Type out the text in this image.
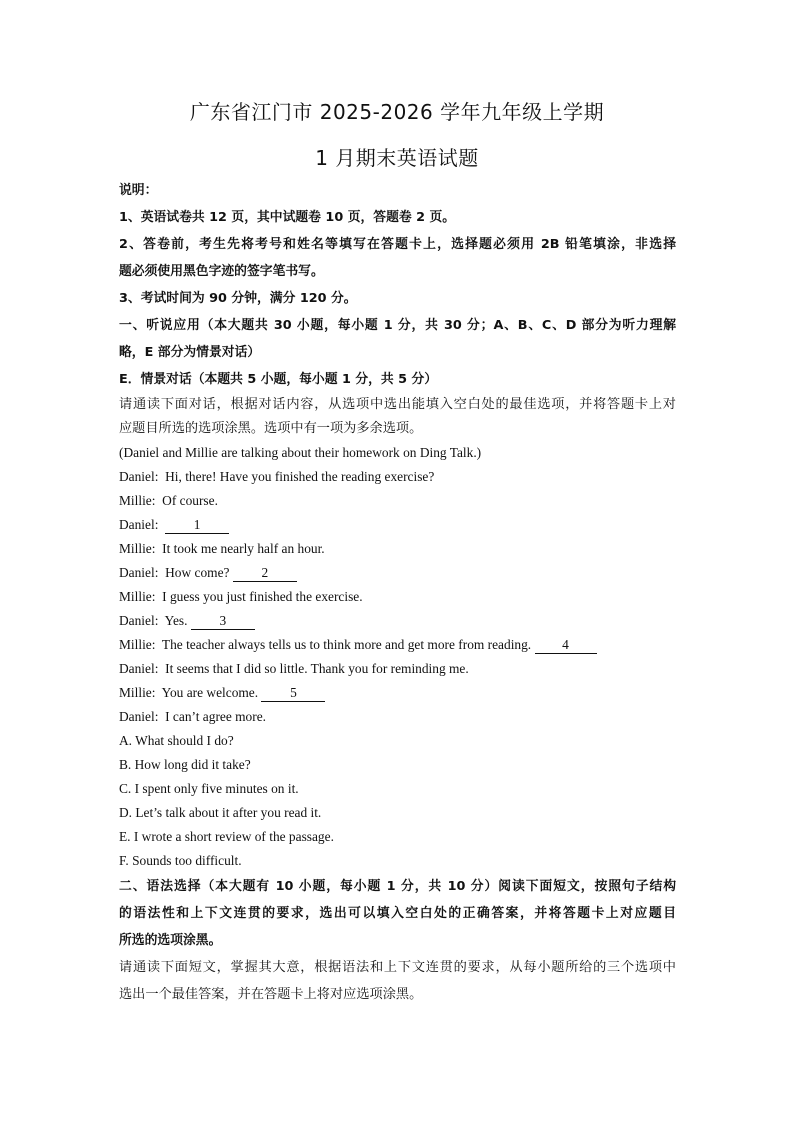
广东省江门市 2025-2026 学年九年级上学期
1 月期末英语试题
说明：
1、英语试卷共 12 页，其中试题卷 10 页，答题卷 2 页。
2、答卷前，考生先将考号和姓名等填写在答题卡上，选择题必须用 2B 铅笔填涂，非选择
题必须使用黑色字迹的签字笔书写。
3、考试时间为 90 分钟，满分 120 分。
一、听说应用（本大题共 30 小题，每小题 1 分，共 30 分；A、B、C、D 部分为听力理解
略，E 部分为情景对话）
E．情景对话（本题共 5 小题，每小题 1 分，共 5 分）
请通读下面对话，根据对话内容，从选项中选出能填入空白处的最佳选项，并将答题卡上对
应题目所选的选项涂黑。选项中有一项为多余选项。
(Daniel and Millie are talking about their homework on Ding Talk.)
Daniel: Hi, there! Have you finished the reading exercise?
Millie: Of course.
Daniel:	1
Millie: It took me nearly half an hour.
Daniel: How come? 2
Millie: I guess you just finished the exercise.
Daniel: Yes. 3
Millie: The teacher always tells us to think more and get more from reading. 4
Daniel: It seems that I did so little. Thank you for reminding me.
Millie: You are welcome. 5
Daniel: I can’t agree more.
A. What should I do?
B. How long did it take?
C. I spent only five minutes on it.
D. Let’s talk about it after you read it.
E. I wrote a short review of the passage.
F. Sounds too difficult.
二、语法选择（本大题有 10 小题，每小题 1 分，共 10 分）阅读下面短文，按照句子结构
的语法性和上下文连贯的要求，选出可以填入空白处的正确答案，并将答题卡上对应题目
所选的选项涂黑。
请通读下面短文，掌握其大意，根据语法和上下文连贯的要求，从每小题所给的三个选项中
选出一个最佳答案，并在答题卡上将对应选项涂黑。
